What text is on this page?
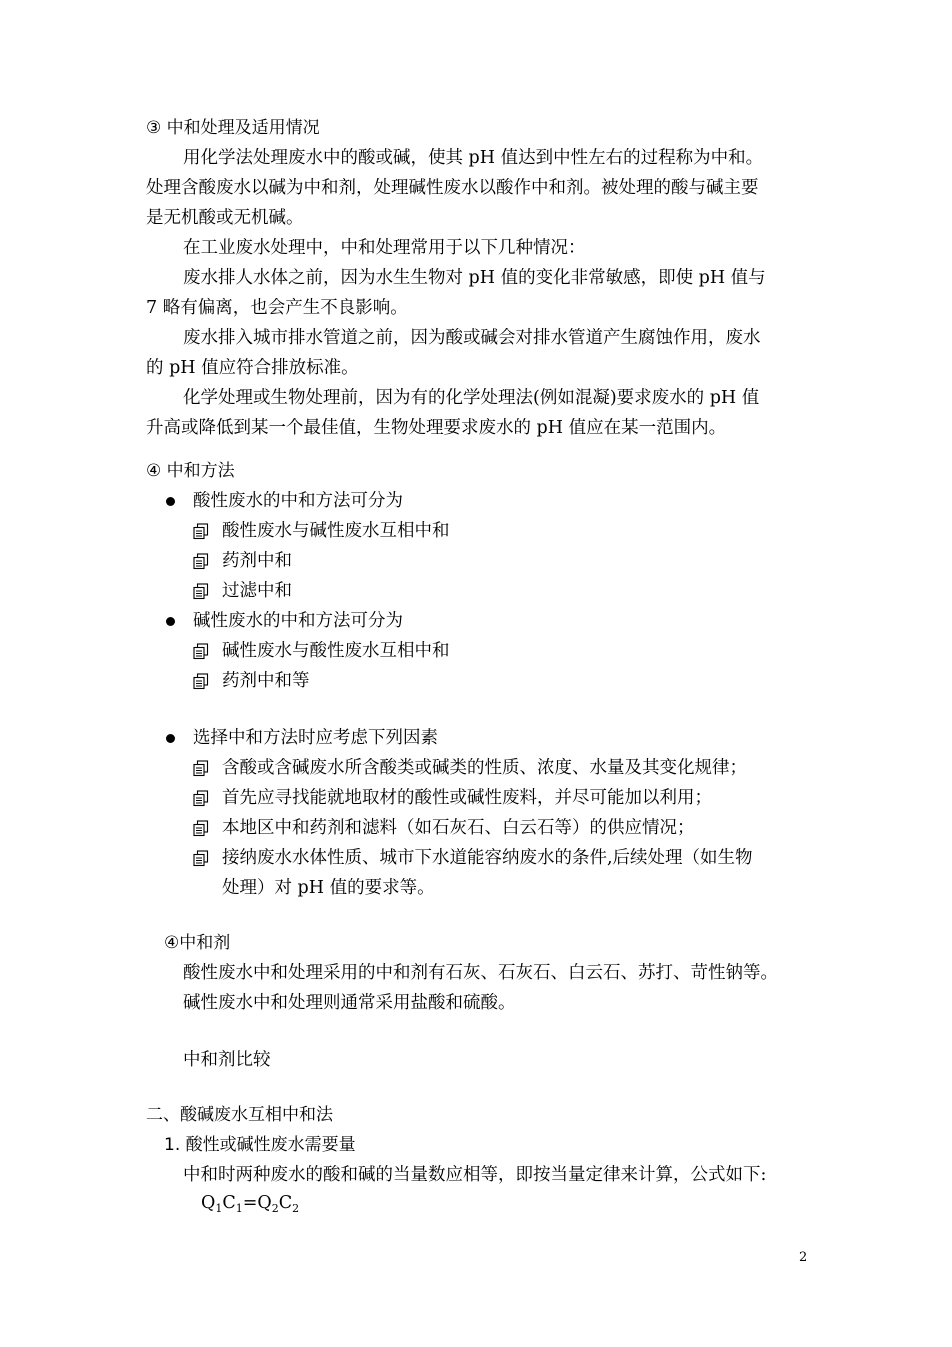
③ 中和处理及适用情况
用化学法处理废水中的酸或碱，使其 pH 值达到中性左右的过程称为中和。
处理含酸废水以碱为中和剂，处理碱性废水以酸作中和剂。被处理的酸与碱主要
是无机酸或无机碱。
在工业废水处理中，中和处理常用于以下几种情况：
废水排人水体之前，因为水生生物对 pH 值的变化非常敏感，即使 pH 值与
7 略有偏离，也会产生不良影响。
废水排入城市排水管道之前，因为酸或碱会对排水管道产生腐蚀作用，废水
的 pH 值应符合排放标准。
化学处理或生物处理前，因为有的化学处理法(例如混凝)要求废水的 pH 值
升高或降低到某一个最佳值，生物处理要求废水的 pH 值应在某一范围内。
④ 中和方法
酸性废水的中和方法可分为
酸性废水与碱性废水互相中和
药剂中和
过滤中和
碱性废水的中和方法可分为
碱性废水与酸性废水互相中和
药剂中和等
选择中和方法时应考虑下列因素
含酸或含碱废水所含酸类或碱类的性质、浓度、水量及其变化规律；
首先应寻找能就地取材的酸性或碱性废料，并尽可能加以利用；
本地区中和药剂和滤料（如石灰石、白云石等）的供应情况；
接纳废水水体性质、城市下水道能容纳废水的条件,后续处理（如生物
处理）对 pH 值的要求等。
④中和剂
酸性废水中和处理采用的中和剂有石灰、石灰石、白云石、苏打、苛性钠等。
碱性废水中和处理则通常采用盐酸和硫酸。
中和剂比较
二、酸碱废水互相中和法
1. 酸性或碱性废水需要量
中和时两种废水的酸和碱的当量数应相等，即按当量定律来计算，公式如下:
$Q_1C_1=Q_2C_2$
2
